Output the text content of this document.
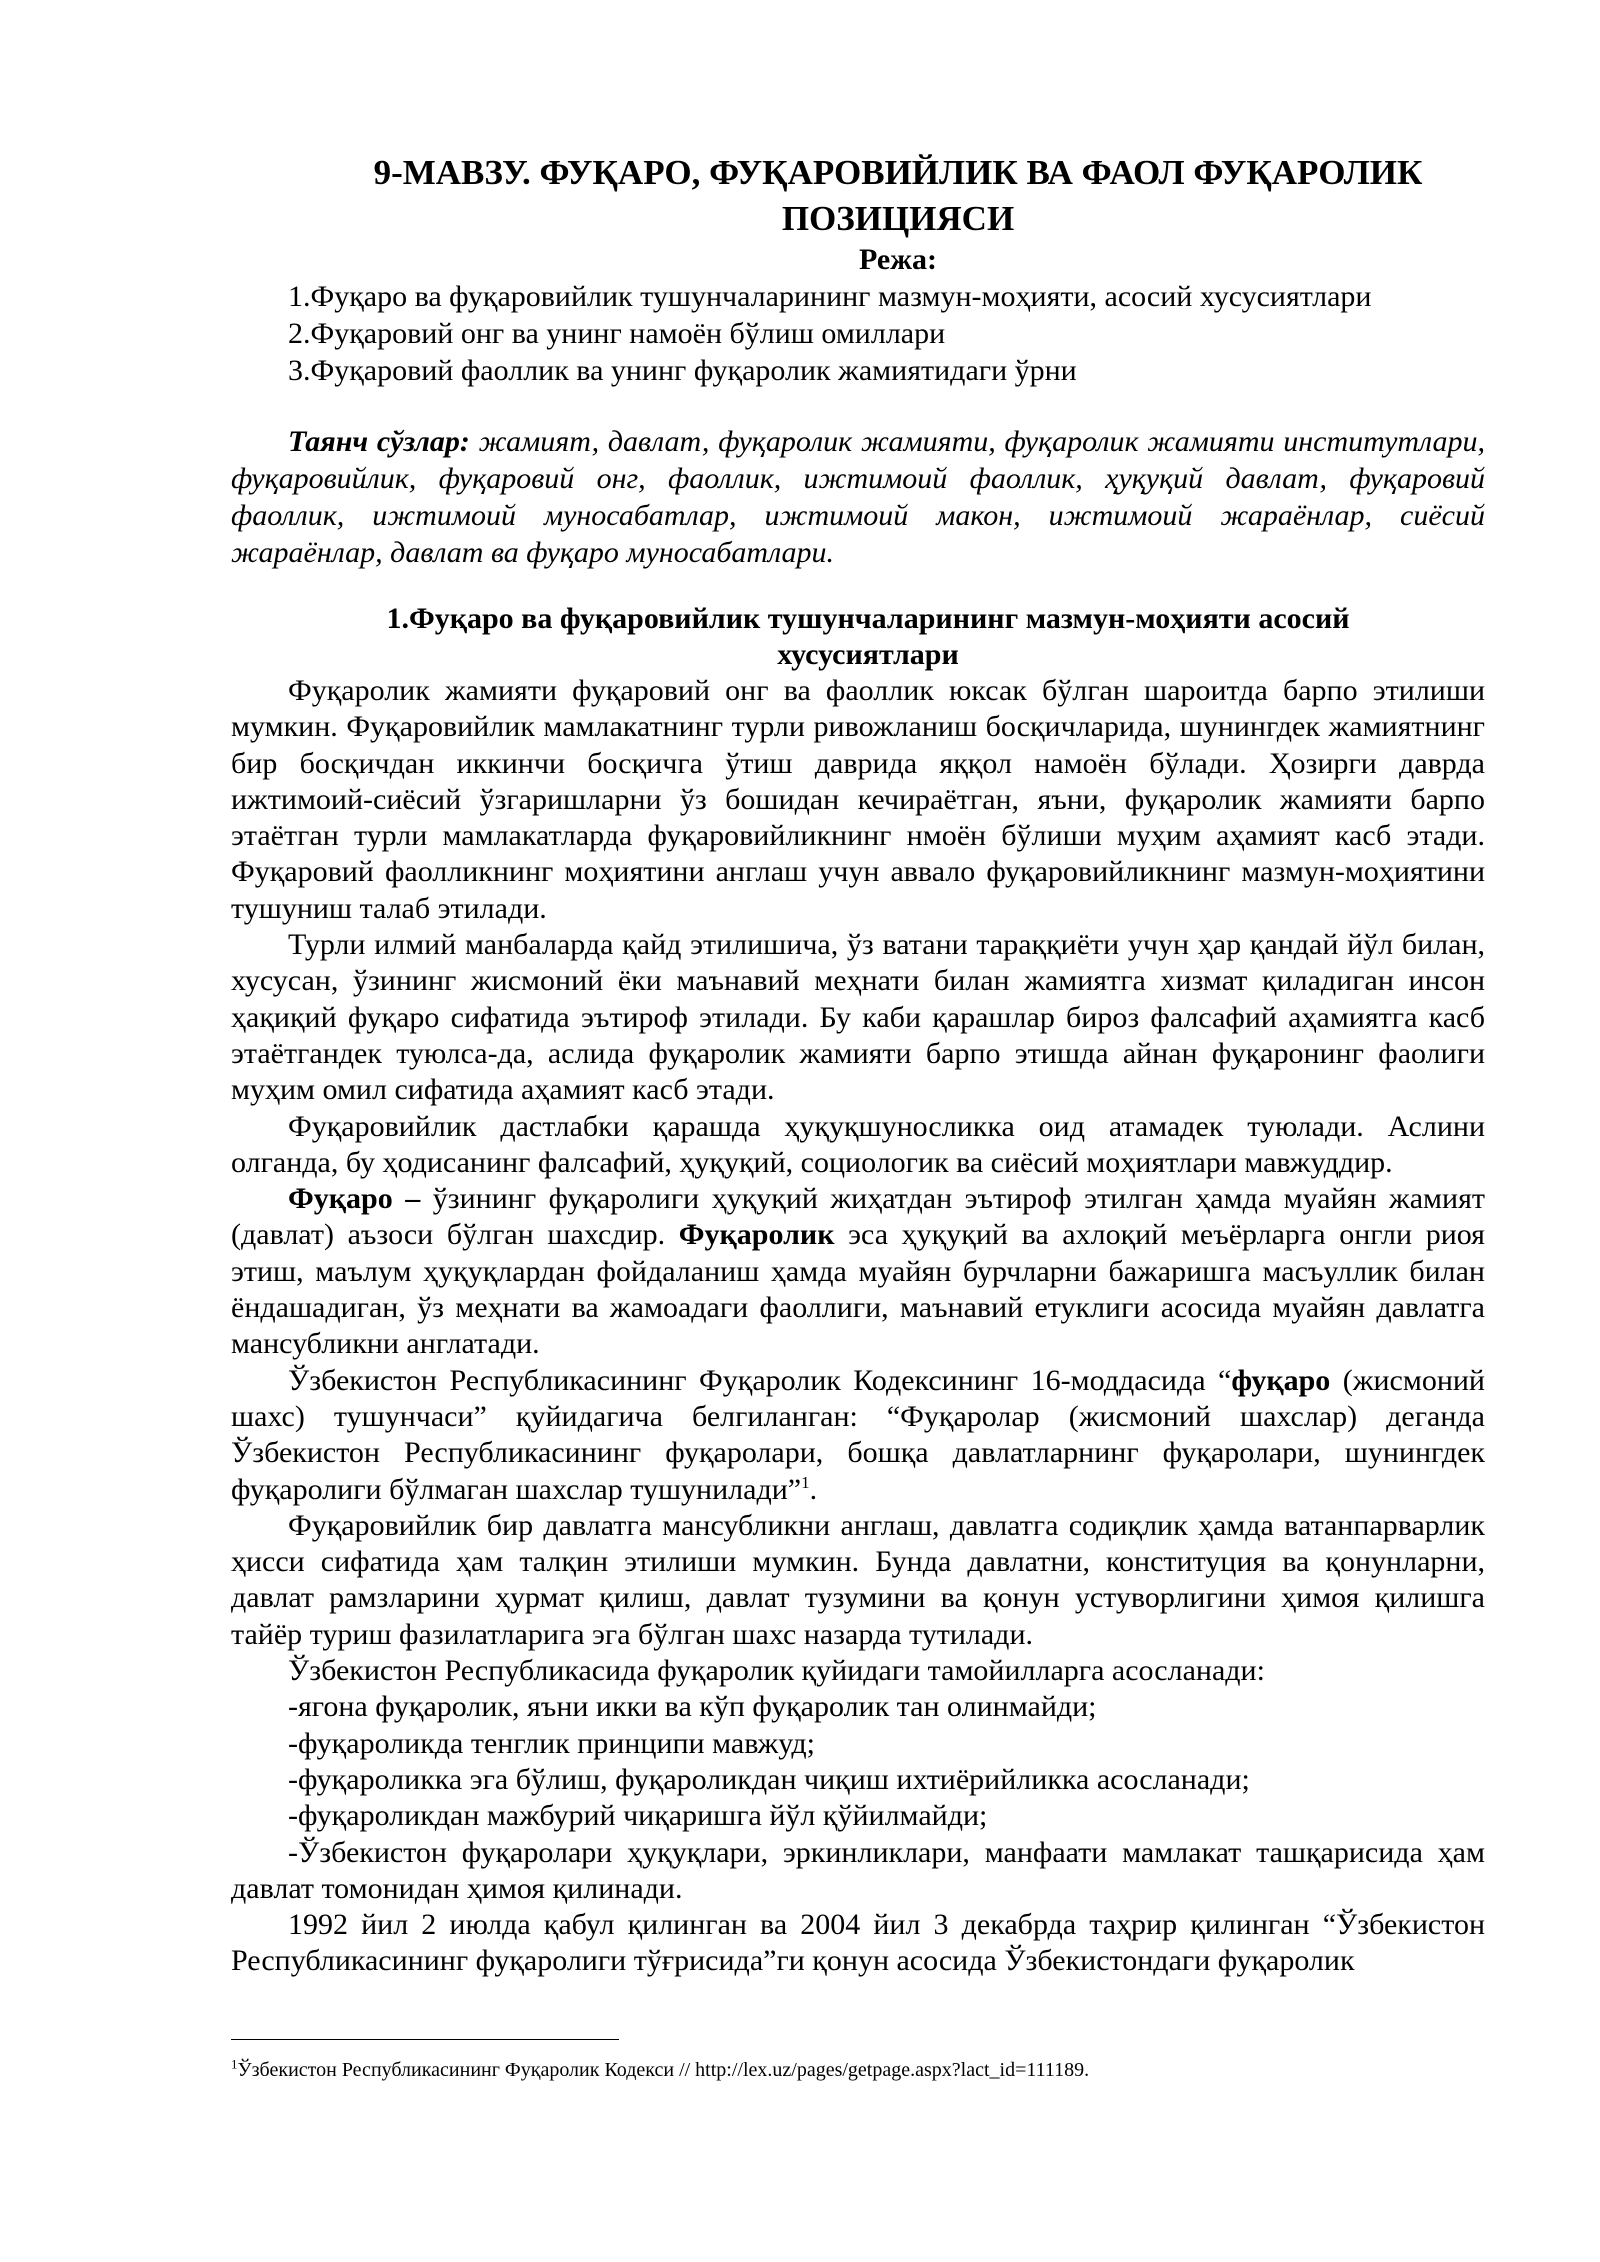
9-МАВЗУ. ФУҚАРО, ФУҚАРОВИЙЛИК ВА ФАОЛ ФУҚАРОЛИК ПОЗИЦИЯСИ
Режа:
1.Фуқаро ва фуқаровийлик тушунчаларининг мазмун-моҳияти, асосий хусусиятлари
2.Фуқаровий онг ва унинг намоён бўлиш омиллари
3.Фуқаровий фаоллик ва унинг фуқаролик жамиятидаги ўрни

Таянч сўзлар: жамият, давлат, фуқаролик жамияти, фуқаролик жамияти институтлари, фуқаровийлик, фуқаровий онг, фаоллик, ижтимоий фаоллик, ҳуқуқий давлат, фуқаровий фаоллик, ижтимоий муносабатлар, ижтимоий макон, ижтимоий жараёнлар, сиёсий жараёнлар, давлат ва фуқаро муносабатлари.

1.Фуқаро ва фуқаровийлик тушунчаларининг мазмун-моҳияти асосий хусусиятлари

Фуқаролик жамияти фуқаровий онг ва фаоллик юксак бўлган шароитда барпо этилиши мумкин. Фуқаровийлик мамлакатнинг турли ривожланиш босқичларида, шунингдек жамиятнинг бир босқичдан иккинчи босқичга ўтиш даврида яққол намоён бўлади. Ҳозирги даврда ижтимоий-сиёсий ўзгаришларни ўз бошидан кечираётган, яъни, фуқаролик жамияти барпо этаётган турли мамлакатларда фуқаровийликнинг нмоён бўлиши муҳим аҳамият касб этади. Фуқаровий фаолликнинг моҳиятини англаш учун аввало фуқаровийликнинг мазмун-моҳиятини тушуниш талаб этилади.

Турли илмий манбаларда қайд этилишича, ўз ватани тараққиёти учун ҳар қандай йўл билан, хусусан, ўзининг жисмоний ёки маънавий меҳнати билан жамиятга хизмат қиладиган инсон ҳақиқий фуқаро сифатида эътироф этилади. Бу каби қарашлар бироз фалсафий аҳамиятга касб этаётгандек туюлса-да, аслида фуқаролик жамияти барпо этишда айнан фуқаронинг фаолиги муҳим омил сифатида аҳамият касб этади.

Фуқаровийлик дастлабки қарашда ҳуқуқшуносликка оид атамадек туюлади. Аслини олганда, бу ҳодисанинг фалсафий, ҳуқуқий, социологик ва сиёсий моҳиятлари мавжуддир.

Фуқаро – ўзининг фуқаролиги ҳуқуқий жиҳатдан эътироф этилган ҳамда муайян жамият (давлат) аъзоси бўлган шахсдир. Фуқаролик эса ҳуқуқий ва ахлоқий меъёрларга онгли риоя этиш, маълум ҳуқуқлардан фойдаланиш ҳамда муайян бурчларни бажаришга масъуллик билан ёндашадиган, ўз меҳнати ва жамоадаги фаоллиги, маънавий етуклиги асосида муайян давлатга мансубликни англатади.

Ўзбекистон Республикасининг Фуқаролик Кодексининг 16-моддасида “фуқаро (жисмоний шахс) тушунчаси” қуйидагича белгиланган: “Фуқаролар (жисмоний шахслар) деганда Ўзбекистон Республикасининг фуқаролари, бошқа давлатларнинг фуқаролари, шунингдек фуқаролиги бўлмаган шахслар тушунилади”$^1$.

Фуқаровийлик бир давлатга мансубликни англаш, давлатга содиқлик ҳамда ватанпарварлик ҳисси сифатида ҳам талқин этилиши мумкин. Бунда давлатни, конституция ва қонунларни, давлат рамзларини ҳурмат қилиш, давлат тузумини ва қонун устуворлигини ҳимоя қилишга тайёр туриш фазилатларига эга бўлган шахс назарда тутилади.

Ўзбекистон Республикасида фуқаролик қуйидаги тамойилларга асосланади:

-ягона фуқаролик, яъни икки ва кўп фуқаролик тан олинмайди;
-фуқароликда тенглик принципи мавжуд;
-фуқароликка эга бўлиш, фуқароликдан чиқиш ихтиёрийликка асосланади;
-фуқароликдан мажбурий чиқаришга йўл қўйилмайди;
-Ўзбекистон фуқаролари ҳуқуқлари, эркинликлари, манфаати мамлакат ташқарисида ҳам давлат томонидан ҳимоя қилинади.

1992 йил 2 июлда қабул қилинган ва 2004 йил 3 декабрда таҳрир қилинган “Ўзбекистон Республикасининг фуқаролиги тўғрисида”ги қонун асосида Ўзбекистондаги фуқаролик

$^1$Ўзбекистон Республикасининг Фуқаролик Кодекси // http://lex.uz/pages/getpage.aspx?lact_id=111189.
